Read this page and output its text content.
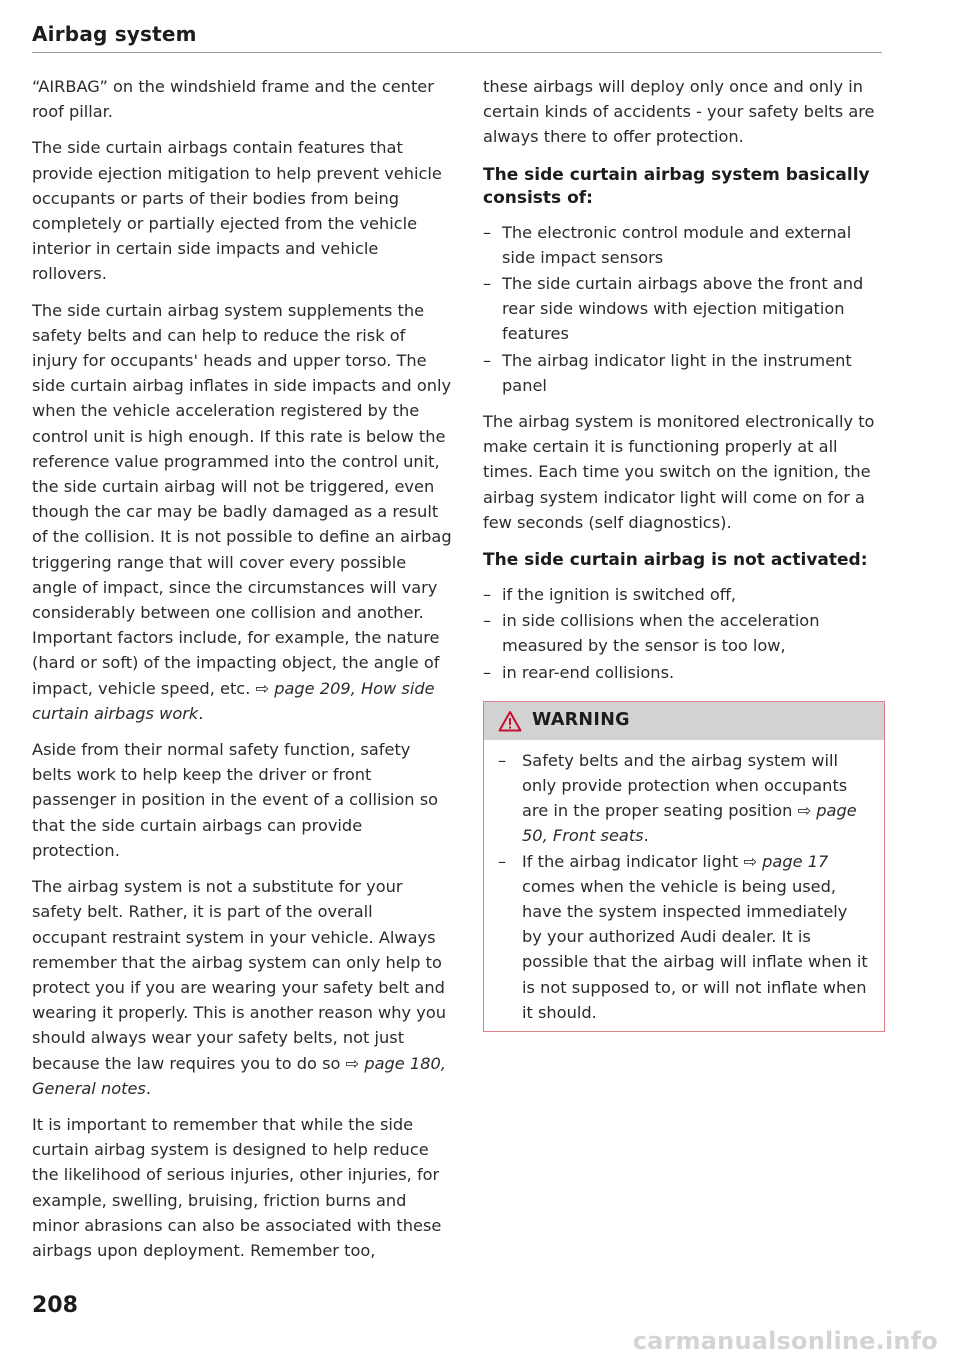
Airbag system

“AIRBAG” on the windshield frame and the center roof pillar.

The side curtain airbags contain features that provide ejection mitigation to help prevent vehicle occupants or parts of their bodies from being completely or partially ejected from the vehicle interior in certain side impacts and vehicle rollovers.

The side curtain airbag system supplements the safety belts and can help to reduce the risk of injury for occupants' heads and upper torso. The side curtain airbag inflates in side impacts and only when the vehicle acceleration registered by the control unit is high enough. If this rate is below the reference value programmed into the control unit, the side curtain airbag will not be triggered, even though the car may be badly damaged as a result of the collision. It is not possible to define an airbag triggering range that will cover every possible angle of impact, since the circumstances will vary considerably between one collision and another. Important factors include, for example, the nature (hard or soft) of the impacting object, the angle of impact, vehicle speed, etc. ⇨ page 209, How side curtain airbags work.

Aside from their normal safety function, safety belts work to help keep the driver or front passenger in position in the event of a collision so that the side curtain airbags can provide protection.

The airbag system is not a substitute for your safety belt. Rather, it is part of the overall occupant restraint system in your vehicle. Always remember that the airbag system can only help to protect you if you are wearing your safety belt and wearing it properly. This is another reason why you should always wear your safety belts, not just because the law requires you to do so ⇨ page 180, General notes.

It is important to remember that while the side curtain airbag system is designed to help reduce the likelihood of serious injuries, other injuries, for example, swelling, bruising, friction burns and minor abrasions can also be associated with these airbags upon deployment. Remember too,

these airbags will deploy only once and only in certain kinds of accidents - your safety belts are always there to offer protection.

The side curtain airbag system basically consists of:
– The electronic control module and external side impact sensors
– The side curtain airbags above the front and rear side windows with ejection mitigation features
– The airbag indicator light in the instrument panel

The airbag system is monitored electronically to make certain it is functioning properly at all times. Each time you switch on the ignition, the airbag system indicator light will come on for a few seconds (self diagnostics).

The side curtain airbag is not activated:
– if the ignition is switched off,
– in side collisions when the acceleration measured by the sensor is too low,
– in rear-end collisions.
WARNING
– Safety belts and the airbag system will only provide protection when occupants are in the proper seating position ⇨ page 50, Front seats.
– If the airbag indicator light ⇨ page 17 comes when the vehicle is being used, have the system inspected immediately by your authorized Audi dealer. It is possible that the airbag will inflate when it is not supposed to, or will not inflate when it should.
208
carmanualsonline.info
